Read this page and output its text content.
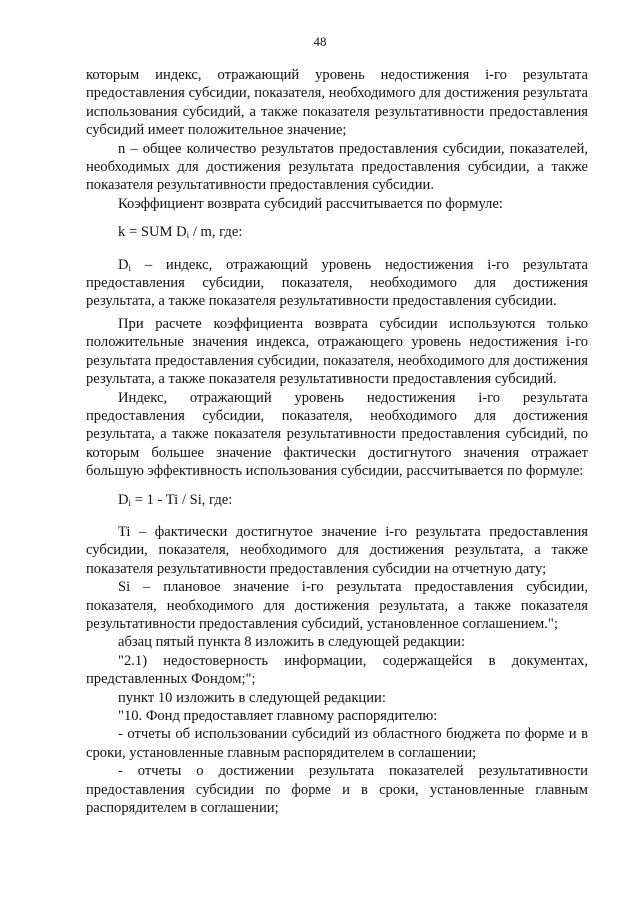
48

которым индекс, отражающий уровень недостижения i-го результата предоставления субсидии, показателя, необходимого для достижения результата использования субсидий, а также показателя результативности предоставления субсидий имеет положительное значение;

n – общее количество результатов предоставления субсидии, показателей, необходимых для достижения результата предоставления субсидии, а также показателя результативности предоставления субсидии.

Коэффициент возврата субсидий рассчитывается по формуле:

k = SUM $D_i$ / m, где:

$D_i$ – индекс, отражающий уровень недостижения i-го результата предоставления субсидии, показателя, необходимого для достижения результата, а также показателя результативности предоставления субсидии.

При расчете коэффициента возврата субсидии используются только положительные значения индекса, отражающего уровень недостижения i-го результата предоставления субсидии, показателя, необходимого для достижения результата, а также показателя результативности предоставления субсидий.

Индекс, отражающий уровень недостижения i-го результата предоставления субсидии, показателя, необходимого для достижения результата, а также показателя результативности предоставления субсидий, по которым большее значение фактически достигнутого значения отражает большую эффективность использования субсидии, рассчитывается по формуле:

$D_i = 1 - Ti / Si$, где:

Ti – фактически достигнутое значение i-го результата предоставления субсидии, показателя, необходимого для достижения результата, а также показателя результативности предоставления субсидии на отчетную дату;

Si – плановое значение i-го результата предоставления субсидии, показателя, необходимого для достижения результата, а также показателя результативности предоставления субсидий, установленное соглашением.";

абзац пятый пункта 8 изложить в следующей редакции:

"2.1) недостоверность информации, содержащейся в документах, представленных Фондом;";

пункт 10 изложить в следующей редакции:

"10. Фонд предоставляет главному распорядителю:

- отчеты об использовании субсидий из областного бюджета по форме и в сроки, установленные главным распорядителем в соглашении;

- отчеты о достижении результата показателей результативности предоставления субсидии по форме и в сроки, установленные главным распорядителем в соглашении;
